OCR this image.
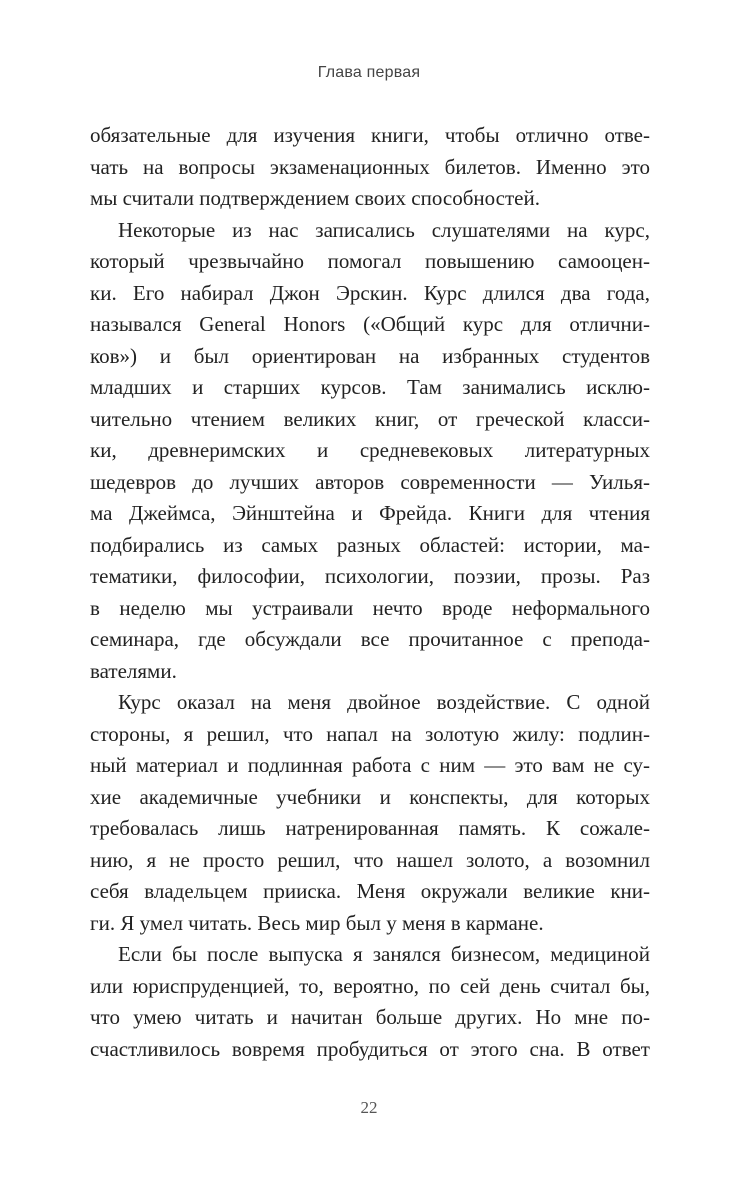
Глава первая
обязательные для изучения книги, чтобы отлично отве-
чать на вопросы экзаменационных билетов. Именно это
мы считали подтверждением своих способностей.
Некоторые из нас записались слушателями на курс,
который чрезвычайно помогал повышению самооцен-
ки. Его набирал Джон Эрскин. Курс длился два года,
назывался General Honors («Общий курс для отлични-
ков») и был ориентирован на избранных студентов
младших и старших курсов. Там занимались исклю-
чительно чтением великих книг, от греческой класси-
ки, древнеримских и средневековых литературных
шедевров до лучших авторов современности — Уилья-
ма Джеймса, Эйнштейна и Фрейда. Книги для чтения
подбирались из самых разных областей: истории, ма-
тематики, философии, психологии, поэзии, прозы. Раз
в неделю мы устраивали нечто вроде неформального
семинара, где обсуждали все прочитанное с препода-
вателями.
Курс оказал на меня двойное воздействие. С одной
стороны, я решил, что напал на золотую жилу: подлин-
ный материал и подлинная работа с ним — это вам не су-
хие академичные учебники и конспекты, для которых
требовалась лишь натренированная память. К сожале-
нию, я не просто решил, что нашел золото, а возомнил
себя владельцем прииска. Меня окружали великие кни-
ги. Я умел читать. Весь мир был у меня в кармане.
Если бы после выпуска я занялся бизнесом, медициной
или юриспруденцией, то, вероятно, по сей день считал бы,
что умею читать и начитан больше других. Но мне по-
счастливилось вовремя пробудиться от этого сна. В ответ
22
